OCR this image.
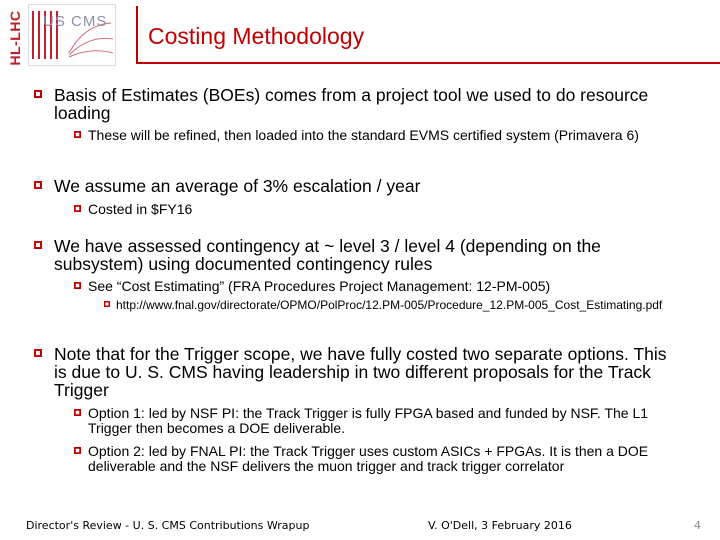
HL-LHC US CMS
Costing Methodology
Basis of Estimates (BOEs) comes from a project tool we used to do resource loading
These will be refined, then loaded into the standard EVMS certified system (Primavera 6)
We assume an average of 3% escalation / year
Costed in $FY16
We have assessed contingency at ~ level 3 / level 4 (depending on the subsystem) using documented contingency rules
See “Cost Estimating” (FRA Procedures Project Management: 12-PM-005)
http://www.fnal.gov/directorate/OPMO/PolProc/12.PM-005/Procedure_12.PM-005_Cost_Estimating.pdf
Note that for the Trigger scope, we have fully costed two separate options. This is due to U. S. CMS having leadership in two different proposals for the Track Trigger
Option 1: led by NSF PI: the Track Trigger is fully FPGA based and funded by NSF. The L1 Trigger then becomes a DOE deliverable.
Option 2: led by FNAL PI: the Track Trigger uses custom ASICs + FPGAs. It is then a DOE deliverable and the NSF delivers the muon trigger and track trigger correlator
Director's Review - U. S. CMS Contributions Wrapup	V. O'Dell, 3 February 2016	4
